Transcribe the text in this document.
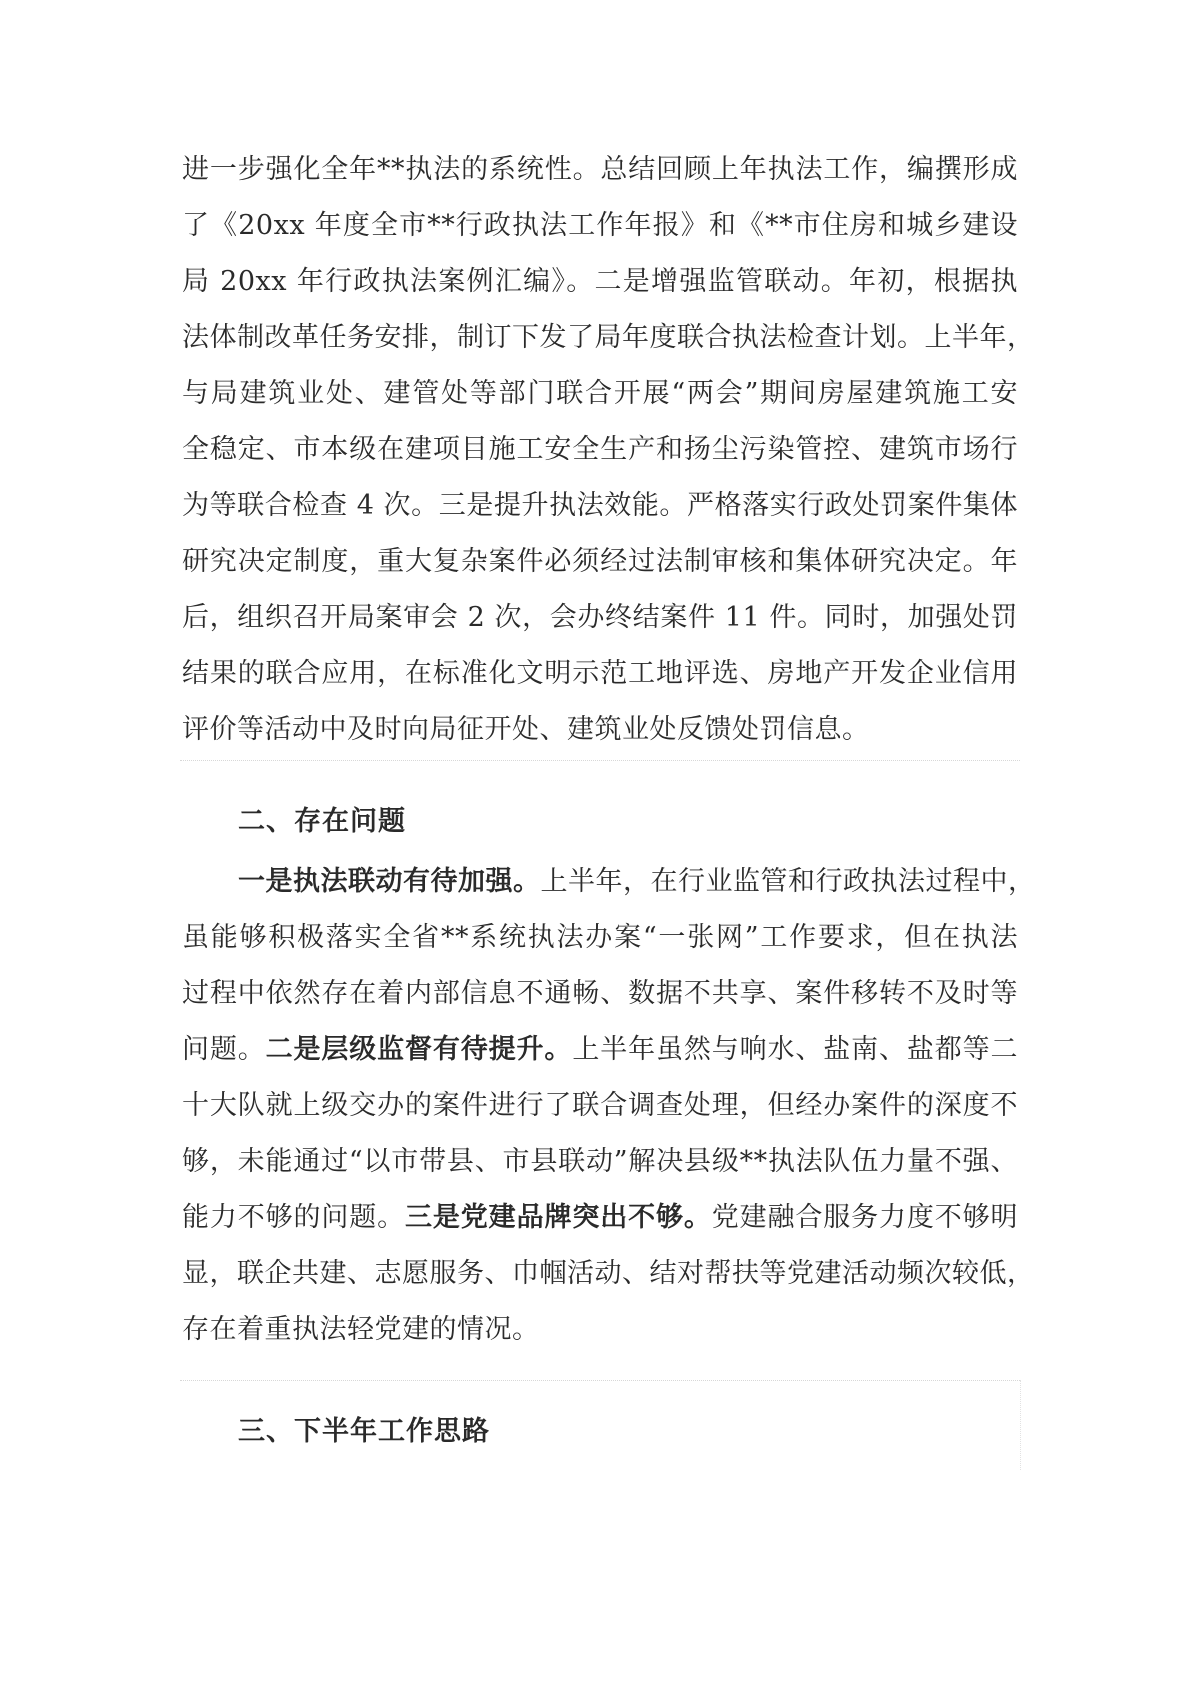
进一步强化全年**执法的系统性。总结回顾上年执法工作，编撰形成
了《20xx 年度全市**行政执法工作年报》和《**市住房和城乡建设
局 20xx 年行政执法案例汇编》。二是增强监管联动。年初，根据执
法体制改革任务安排，制订下发了局年度联合执法检查计划。上半年，
与局建筑业处、建管处等部门联合开展“两会”期间房屋建筑施工安
全稳定、市本级在建项目施工安全生产和扬尘污染管控、建筑市场行
为等联合检查 4 次。三是提升执法效能。严格落实行政处罚案件集体
研究决定制度，重大复杂案件必须经过法制审核和集体研究决定。年
后，组织召开局案审会 2 次，会办终结案件 11 件。同时，加强处罚
结果的联合应用，在标准化文明示范工地评选、房地产开发企业信用
评价等活动中及时向局征开处、建筑业处反馈处罚信息。
二、存在问题
一是执法联动有待加强。上半年，在行业监管和行政执法过程中，
虽能够积极落实全省**系统执法办案“一张网”工作要求，但在执法
过程中依然存在着内部信息不通畅、数据不共享、案件移转不及时等
问题。二是层级监督有待提升。上半年虽然与响水、盐南、盐都等二
十大队就上级交办的案件进行了联合调查处理，但经办案件的深度不
够，未能通过“以市带县、市县联动”解决县级**执法队伍力量不强、
能力不够的问题。三是党建品牌突出不够。党建融合服务力度不够明
显，联企共建、志愿服务、巾帼活动、结对帮扶等党建活动频次较低，
存在着重执法轻党建的情况。
三、下半年工作思路
